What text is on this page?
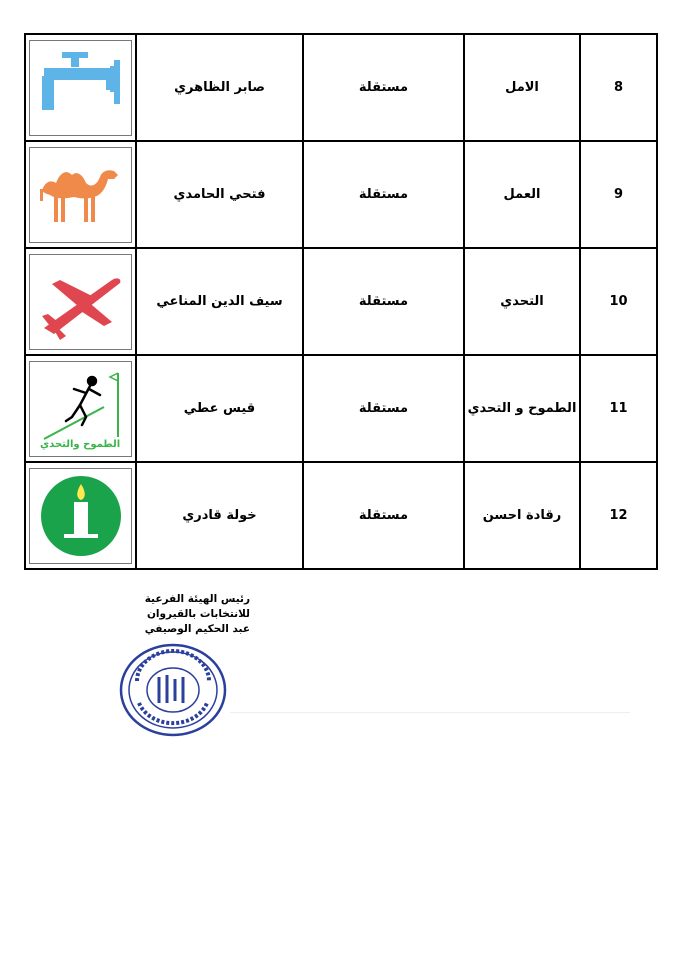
	صابر الظاهري	مستقلة	الامل	8

	فتحي الحامدي	مستقلة	العمل	9

	سيف الدين المناعي	مستقلة	التحدي	10

الطموح والتحدي	قيس عطي	مستقلة	الطموح و التحدي	11

	خولة قادري	مستقلة	رقادة احسن	12
رئيس الهيئة الفرعية للانتخابات بالقيروان
عبد الحكيم الوصيفي
